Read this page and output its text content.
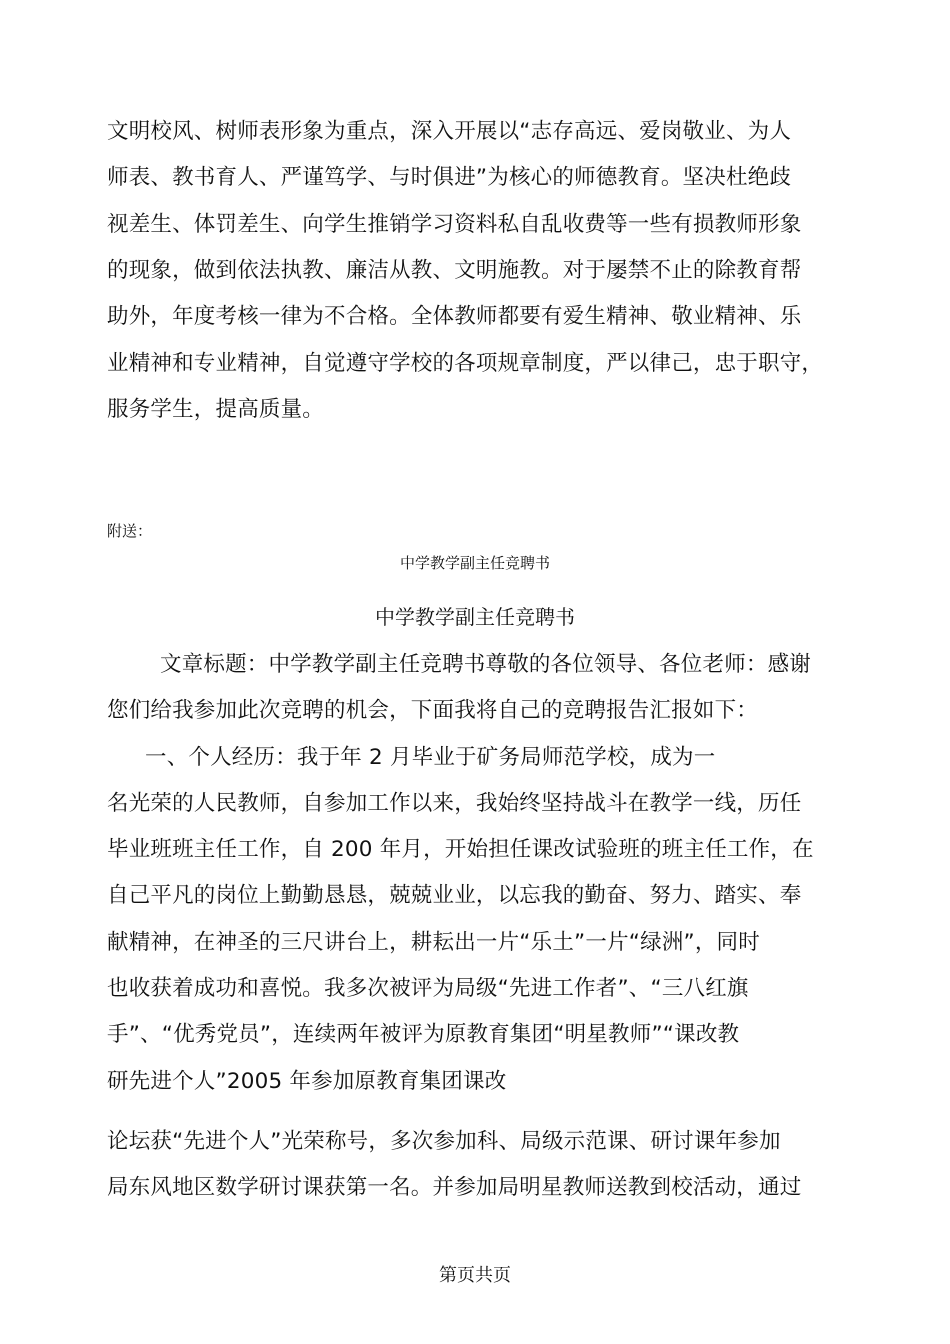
文明校风、树师表形象为重点，深入开展以“志存高远、爱岗敬业、为人
师表、教书育人、严谨笃学、与时俱进”为核心的师德教育。坚决杜绝歧
视差生、体罚差生、向学生推销学习资料私自乱收费等一些有损教师形象
的现象，做到依法执教、廉洁从教、文明施教。对于屡禁不止的除教育帮
助外，年度考核一律为不合格。全体教师都要有爱生精神、敬业精神、乐
业精神和专业精神，自觉遵守学校的各项规章制度，严以律己，忠于职守，
服务学生，提高质量。
附送：
中学教学副主任竞聘书
中学教学副主任竞聘书
文章标题：中学教学副主任竞聘书尊敬的各位领导、各位老师：感谢
您们给我参加此次竞聘的机会，下面我将自己的竞聘报告汇报如下：
一、个人经历：我于年 2 月毕业于矿务局师范学校，成为一
名光荣的人民教师，自参加工作以来，我始终坚持战斗在教学一线，历任
毕业班班主任工作，自 200 年月，开始担任课改试验班的班主任工作，在
自己平凡的岗位上勤勤恳恳，兢兢业业，以忘我的勤奋、努力、踏实、奉
献精神，在神圣的三尺讲台上，耕耘出一片“乐土”一片“绿洲”，同时
也收获着成功和喜悦。我多次被评为局级“先进工作者”、“三八红旗
手”、“优秀党员”，连续两年被评为原教育集团“明星教师”“课改教
研先进个人”2005 年参加原教育集团课改
论坛获“先进个人”光荣称号，多次参加科、局级示范课、研讨课年参加
局东风地区数学研讨课获第一名。并参加局明星教师送教到校活动，通过
第页共页
